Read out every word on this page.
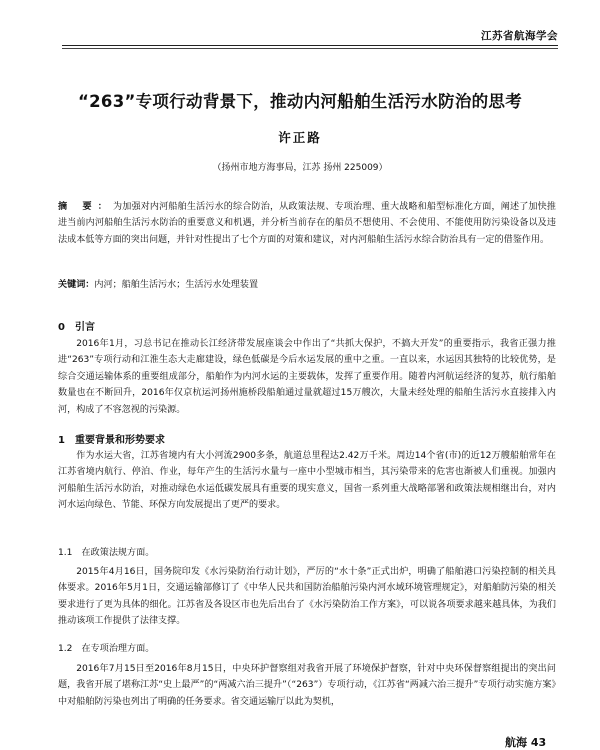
江苏省航海学会
“263”专项行动背景下，推动内河船舶生活污水防治的思考
许正路
（扬州市地方海事局，江苏 扬州 225009）
摘 要：为加强对内河船舶生活污水的综合防治，从政策法规、专项治理、重大战略和船型标准化方面，阐述了加快推进当前内河船舶生活污水防治的重要意义和机遇，并分析当前存在的船员不想使用、不会使用、不能使用防污染设备以及违法成本低等方面的突出问题，并针对性提出了七个方面的对策和建议，对内河船舶生活污水综合防治具有一定的借鉴作用。
关键词：内河；船舶生活污水；生活污水处理装置
0　引言
2016年1月，习总书记在推动长江经济带发展座谈会中作出了“共抓大保护，不搞大开发”的重要指示，我省正强力推进“263”专项行动和江淮生态大走廊建设，绿色低碳是今后水运发展的重中之重。一直以来，水运因其独特的比较优势，是综合交通运输体系的重要组成部分，船舶作为内河水运的主要载体，发挥了重要作用。随着内河航运经济的复苏，航行船舶数量也在不断回升，2016年仅京杭运河扬州施桥段船舶通过量就超过15万艘次，大量未经处理的船舶生活污水直接排入内河，构成了不容忽视的污染源。
1　重要背景和形势要求
作为水运大省，江苏省境内有大小河流2900多条，航道总里程达2.42万千米。周边14个省(市)的近12万艘船舶常年在江苏省境内航行、停泊、作业，每年产生的生活污水量与一座中小型城市相当，其污染带来的危害也渐被人们重视。加强内河船舶生活污水防治，对推动绿色水运低碳发展具有重要的现实意义，国省一系列重大战略部署和政策法规相继出台，对内河水运向绿色、节能、环保方向发展提出了更严的要求。
1.1　在政策法规方面。
2015年4月16日，国务院印发《水污染防治行动计划》，严厉的“水十条”正式出炉，明确了船舶港口污染控制的相关具体要求。2016年5月1日，交通运输部修订了《中华人民共和国防治船舶污染内河水域环境管理规定》，对船舶防污染的相关要求进行了更为具体的细化。江苏省及各设区市也先后出台了《水污染防治工作方案》，可以说各项要求越来越具体，为我们推动该项工作提供了法律支撑。
1.2　在专项治理方面。
2016年7月15日至2016年8月15日，中央环护督察组对我省开展了环境保护督察，针对中央环保督察组提出的突出问题，我省开展了堪称江苏“史上最严”的“两减六治三提升”（“263”）专项行动，《江苏省“两减六治三提升”专项行动实施方案》中对船舶防污染也列出了明确的任务要求。省交通运输厅以此为契机，
航海 43
